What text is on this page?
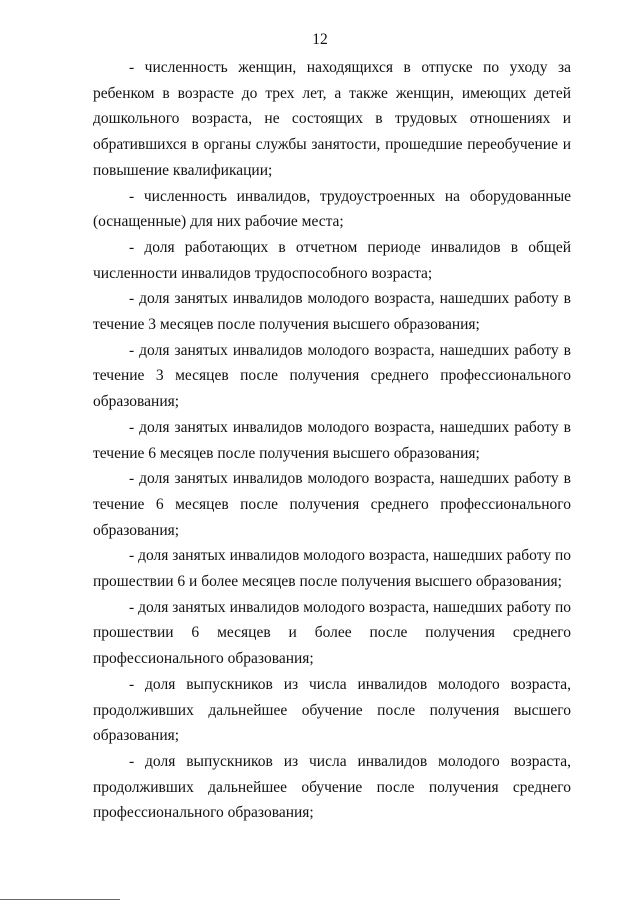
12

- численность женщин, находящихся в отпуске по уходу за ребенком в возрасте до трех лет, а также женщин, имеющих детей дошкольного возраста, не состоящих в трудовых отношениях и обратившихся в органы службы занятости, прошедшие переобучение и повышение квалификации;

- численность инвалидов, трудоустроенных на оборудованные (оснащенные) для них рабочие места;

- доля работающих в отчетном периоде инвалидов в общей численности инвалидов трудоспособного возраста;

- доля занятых инвалидов молодого возраста, нашедших работу в течение 3 месяцев после получения высшего образования;

- доля занятых инвалидов молодого возраста, нашедших работу в течение 3 месяцев после получения среднего профессионального образования;

- доля занятых инвалидов молодого возраста, нашедших работу в течение 6 месяцев после получения высшего образования;

- доля занятых инвалидов молодого возраста, нашедших работу в течение 6 месяцев после получения среднего профессионального образования;

- доля занятых инвалидов молодого возраста, нашедших работу по прошествии 6 и более месяцев после получения высшего образования;

- доля занятых инвалидов молодого возраста, нашедших работу по прошествии 6 месяцев и более после получения среднего профессионального образования;

- доля выпускников из числа инвалидов молодого возраста, продолживших дальнейшее обучение после получения высшего образования;

- доля выпускников из числа инвалидов молодого возраста, продолживших дальнейшее обучение после получения среднего профессионального образования;
